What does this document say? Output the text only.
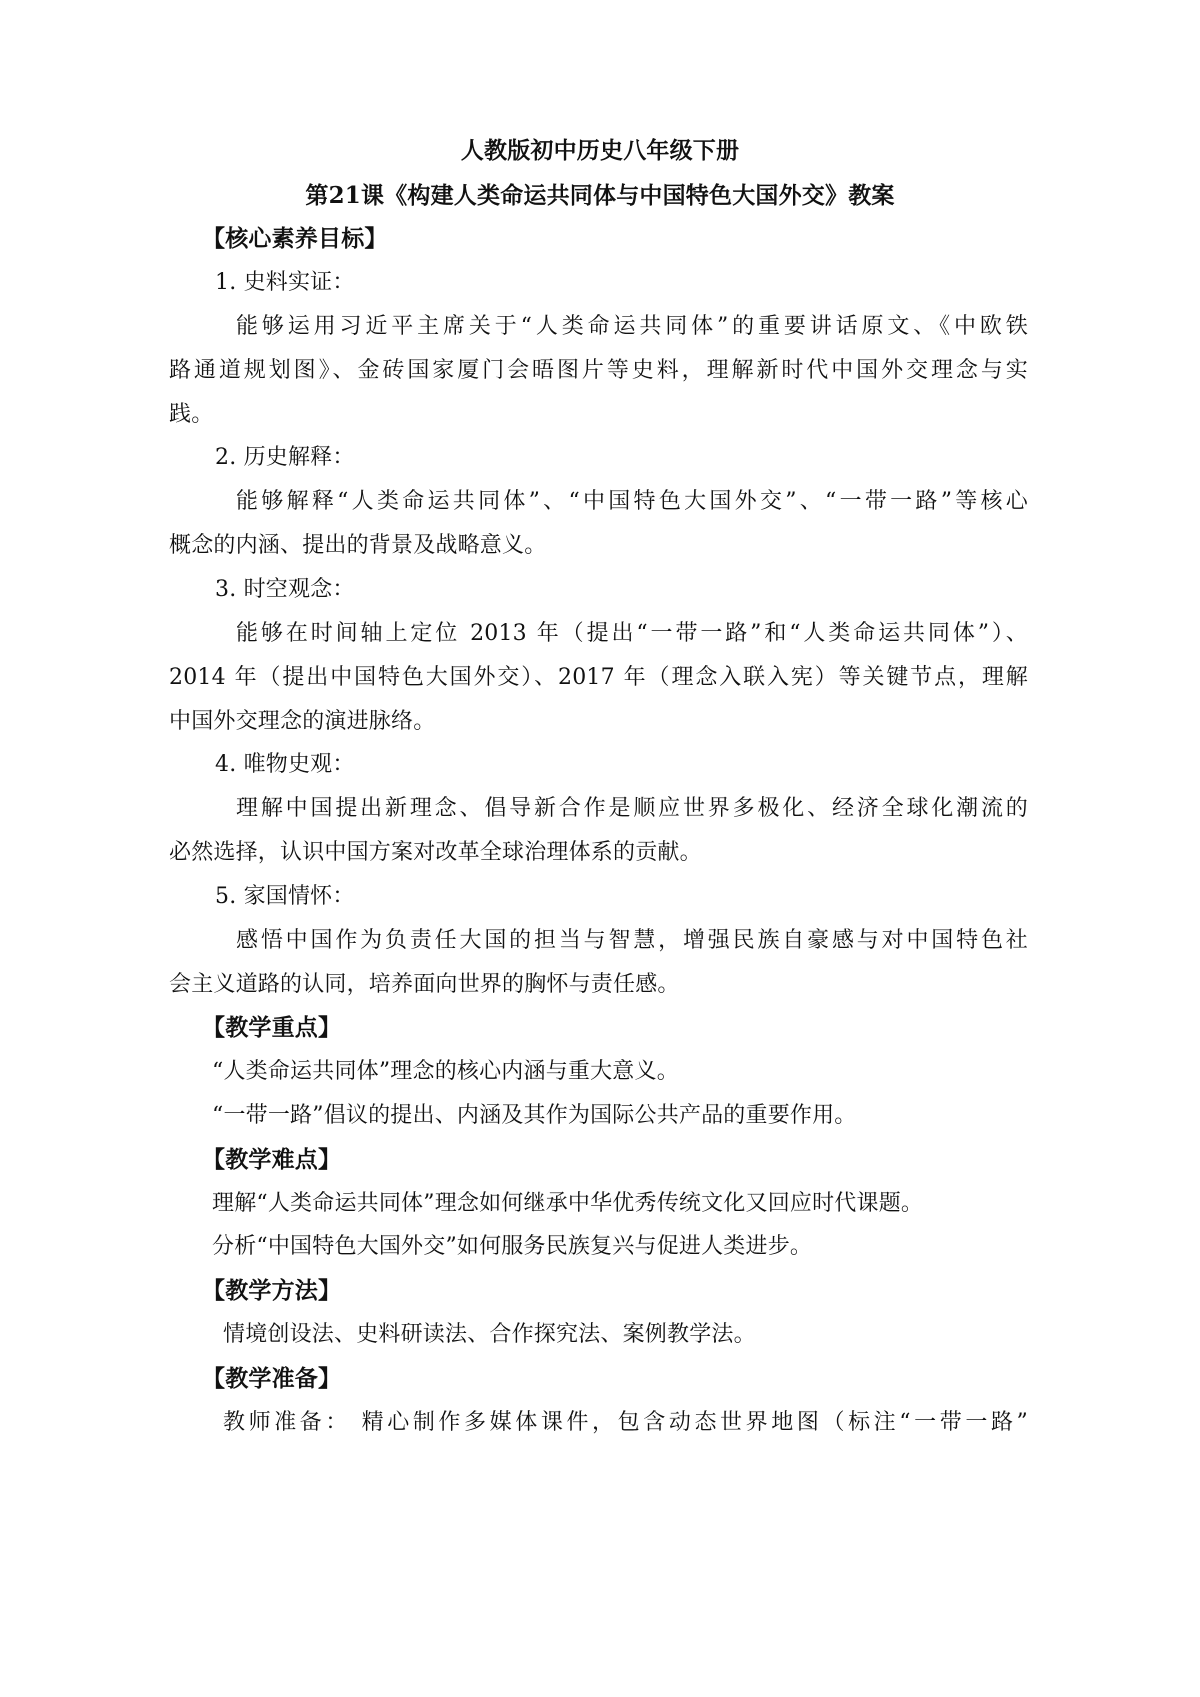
人教版初中历史八年级下册
第21课《构建人类命运共同体与中国特色大国外交》教案
【核心素养目标】
1. 史料实证：
能够运用习近平主席关于“人类命运共同体”的重要讲话原文、《中欧铁
路通道规划图》、金砖国家厦门会晤图片等史料，理解新时代中国外交理念与实
践。
2. 历史解释：
能够解释“人类命运共同体”、“中国特色大国外交”、“一带一路”等核心
概念的内涵、提出的背景及战略意义。
3. 时空观念：
能够在时间轴上定位 2013 年（提出“一带一路”和“人类命运共同体”）、
2014 年（提出中国特色大国外交）、2017 年（理念入联入宪）等关键节点，理解
中国外交理念的演进脉络。
4. 唯物史观：
理解中国提出新理念、倡导新合作是顺应世界多极化、经济全球化潮流的
必然选择，认识中国方案对改革全球治理体系的贡献。
5. 家国情怀：
感悟中国作为负责任大国的担当与智慧，增强民族自豪感与对中国特色社
会主义道路的认同，培养面向世界的胸怀与责任感。
【教学重点】
“人类命运共同体”理念的核心内涵与重大意义。
“一带一路”倡议的提出、内涵及其作为国际公共产品的重要作用。
【教学难点】
理解“人类命运共同体”理念如何继承中华优秀传统文化又回应时代课题。
分析“中国特色大国外交”如何服务民族复兴与促进人类进步。
【教学方法】
情境创设法、史料研读法、合作探究法、案例教学法。
【教学准备】
教师准备： 精心制作多媒体课件，包含动态世界地图（标注“一带一路”
